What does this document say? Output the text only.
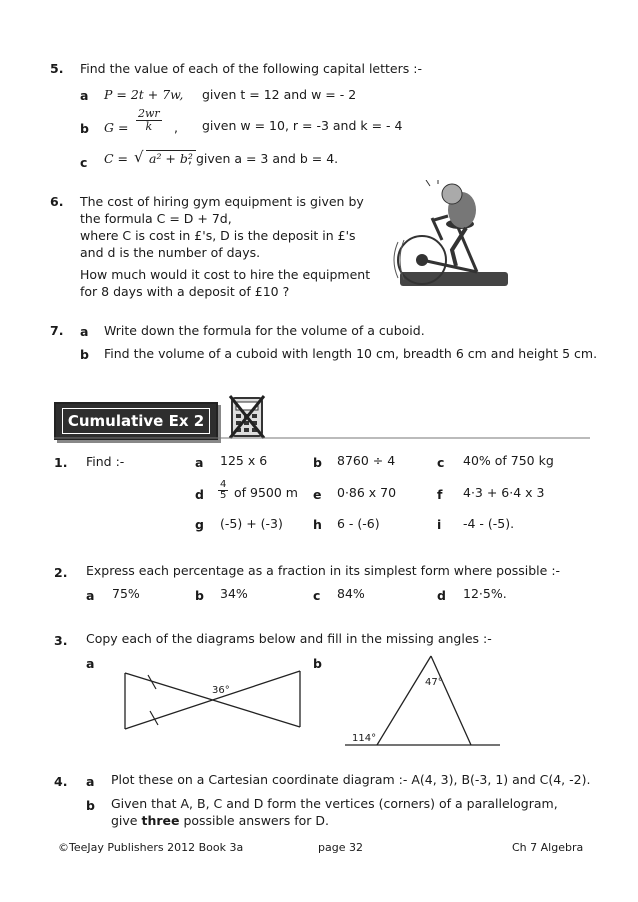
5. Find the value of each of the following capital letters :-
a P = 2t + 7w, given t = 12 and w = - 2
b $G = \frac{2wr}{k}$ , given w = 10, r = -3 and k = - 4
c C = √ a² + b²
, given a = 3 and b = 4.
6. The cost of hiring gym equipment is given by
the formula C = D + 7d,
where C is cost in £'s, D is the deposit in £'s
and d is the number of days.
How much would it cost to hire the equipment
for 8 days with a deposit of £10 ?
7. a Write down the formula for the volume of a cuboid.
b Find the volume of a cuboid with length 10 cm, breadth 6 cm and height 5 cm.
Cumulative Ex 2
1. Find :-	a 125 x 6	b 8760 ÷ 4	c 40% of 750 kg
d $\frac{4}{5}$ of 9500 m e 0·86 x 70	f 4·3 + 6·4 x 3
g (-5) + (-3) h 6 - (-6)	i -4 - (-5).
2. Express each percentage as a fraction in its simplest form where possible :-
a 75%	b 34%	c 84%	d 12·5%.
3. Copy each of the diagrams below and fill in the missing angles :-
a	b
36°
47°
114°
4. a Plot these on a Cartesian coordinate diagram :- A(4, 3), B(-3, 1) and C(4, -2).
b Given that A, B, C and D form the vertices (corners) of a parallelogram,
give three possible answers for D.
©TeeJay Publishers 2012 Book 3a	page 32	Ch 7 Algebra
